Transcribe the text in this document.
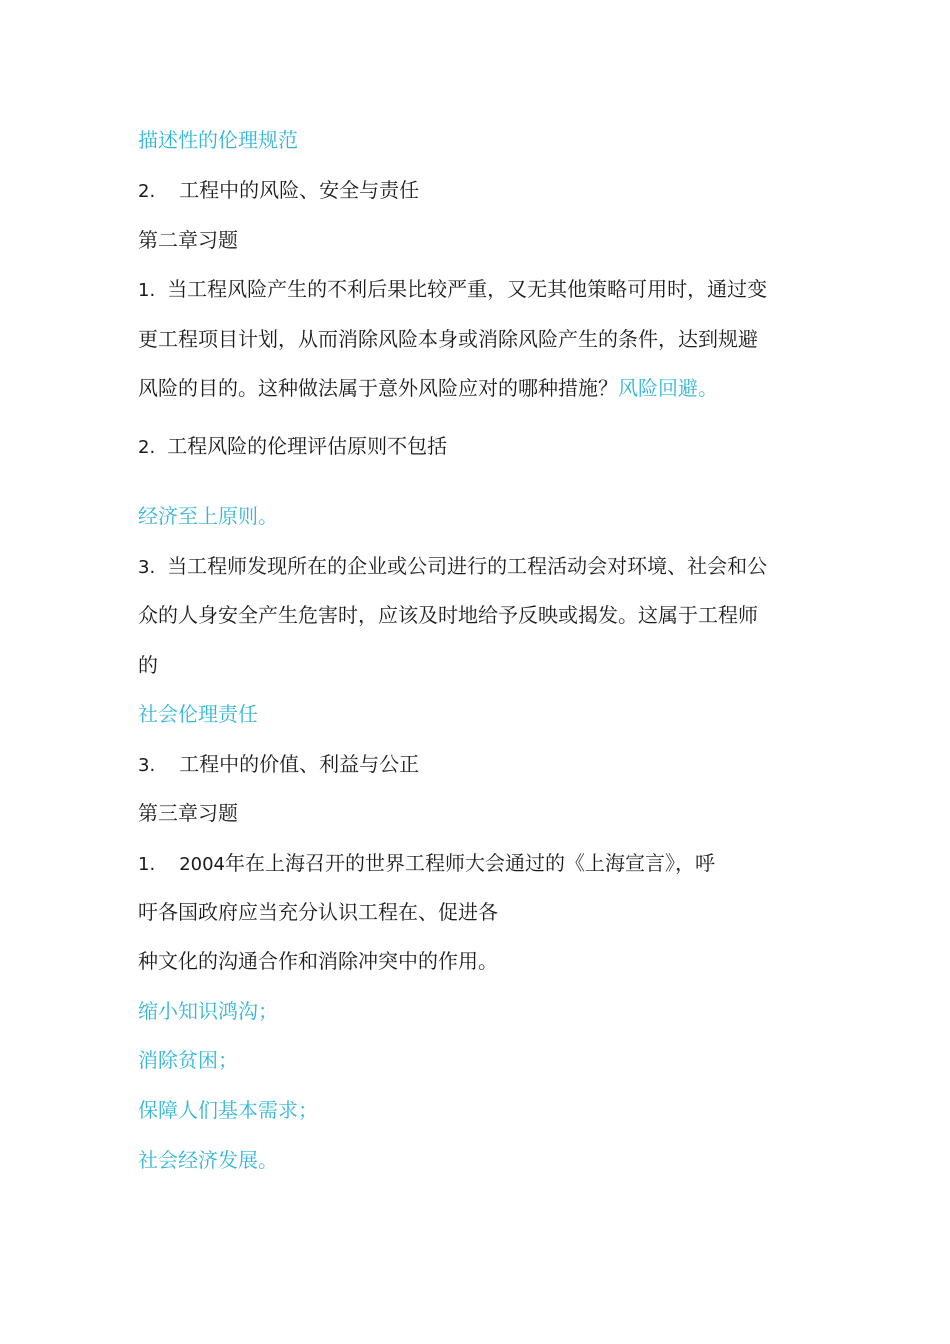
描述性的伦理规范
2. 工程中的风险、安全与责任
第二章习题
1. 当工程风险产生的不利后果比较严重，又无其他策略可用时，通过变
更工程项目计划，从而消除风险本身或消除风险产生的条件，达到规避
风险的目的。这种做法属于意外风险应对的哪种措施？风险回避。
2. 工程风险的伦理评估原则不包括
经济至上原则。
3. 当工程师发现所在的企业或公司进行的工程活动会对环境、社会和公
众的人身安全产生危害时，应该及时地给予反映或揭发。这属于工程师
的
社会伦理责任
3. 工程中的价值、利益与公正
第三章习题
1. 2004年在上海召开的世界工程师大会通过的《上海宣言》，呼
吁各国政府应当充分认识工程在、促进各
种文化的沟通合作和消除冲突中的作用。
缩小知识鸿沟；
消除贫困；
保障人们基本需求；
社会经济发展。
